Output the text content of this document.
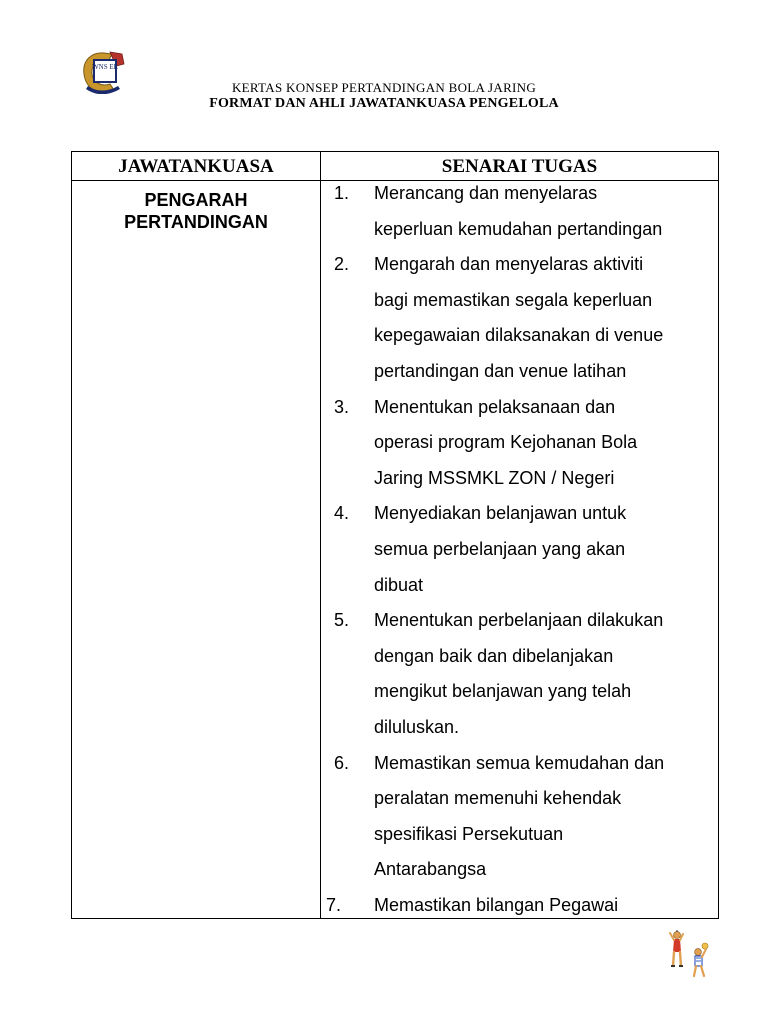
WNS EL
KERTAS KONSEP PERTANDINGAN BOLA JARING
FORMAT DAN AHLI JAWATANKUASA PENGELOLA
JAWATANKUASA	SENARAI TUGAS
PENGARAH
PERTANDINGAN
1. Merancang dan menyelaras
keperluan kemudahan pertandingan
2. Mengarah dan menyelaras aktiviti
bagi memastikan segala keperluan
kepegawaian dilaksanakan di venue
pertandingan dan venue latihan
3. Menentukan pelaksanaan dan
operasi program Kejohanan Bola
Jaring MSSMKL ZON / Negeri
4. Menyediakan belanjawan untuk
semua perbelanjaan yang akan
dibuat
5. Menentukan perbelanjaan dilakukan
dengan baik dan dibelanjakan
mengikut belanjawan yang telah
diluluskan.
6. Memastikan semua kemudahan dan
peralatan memenuhi kehendak
spesifikasi Persekutuan
Antarabangsa
7. Memastikan bilangan Pegawai
